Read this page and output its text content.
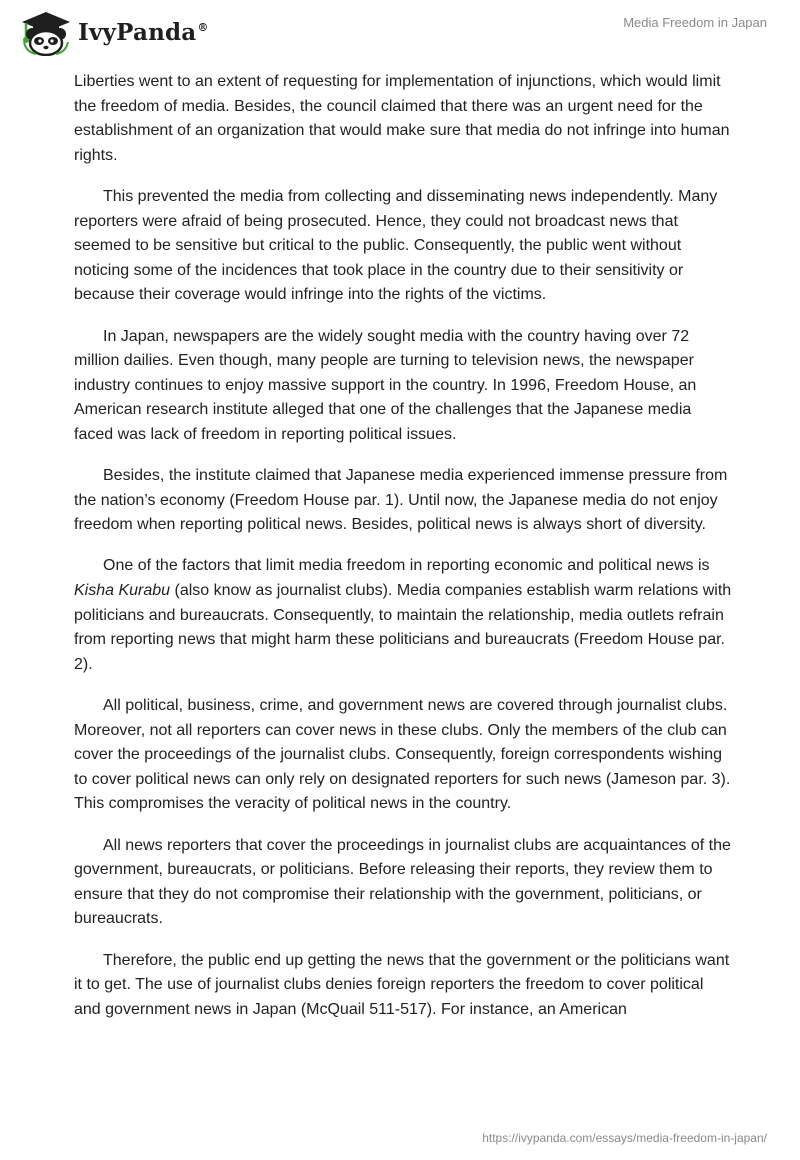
IvyPanda®	Media Freedom in Japan

Liberties went to an extent of requesting for implementation of injunctions, which would limit the freedom of media. Besides, the council claimed that there was an urgent need for the establishment of an organization that would make sure that media do not infringe into human rights.

This prevented the media from collecting and disseminating news independently. Many reporters were afraid of being prosecuted. Hence, they could not broadcast news that seemed to be sensitive but critical to the public. Consequently, the public went without noticing some of the incidences that took place in the country due to their sensitivity or because their coverage would infringe into the rights of the victims.

In Japan, newspapers are the widely sought media with the country having over 72 million dailies. Even though, many people are turning to television news, the newspaper industry continues to enjoy massive support in the country. In 1996, Freedom House, an American research institute alleged that one of the challenges that the Japanese media faced was lack of freedom in reporting political issues.

Besides, the institute claimed that Japanese media experienced immense pressure from the nation’s economy (Freedom House par. 1). Until now, the Japanese media do not enjoy freedom when reporting political news. Besides, political news is always short of diversity.

One of the factors that limit media freedom in reporting economic and political news is Kisha Kurabu (also know as journalist clubs). Media companies establish warm relations with politicians and bureaucrats. Consequently, to maintain the relationship, media outlets refrain from reporting news that might harm these politicians and bureaucrats (Freedom House par. 2).

All political, business, crime, and government news are covered through journalist clubs. Moreover, not all reporters can cover news in these clubs. Only the members of the club can cover the proceedings of the journalist clubs. Consequently, foreign correspondents wishing to cover political news can only rely on designated reporters for such news (Jameson par. 3). This compromises the veracity of political news in the country.

All news reporters that cover the proceedings in journalist clubs are acquaintances of the government, bureaucrats, or politicians. Before releasing their reports, they review them to ensure that they do not compromise their relationship with the government, politicians, or bureaucrats.

Therefore, the public end up getting the news that the government or the politicians want it to get. The use of journalist clubs denies foreign reporters the freedom to cover political and government news in Japan (McQuail 511-517). For instance, an American

https://ivypanda.com/essays/media-freedom-in-japan/
